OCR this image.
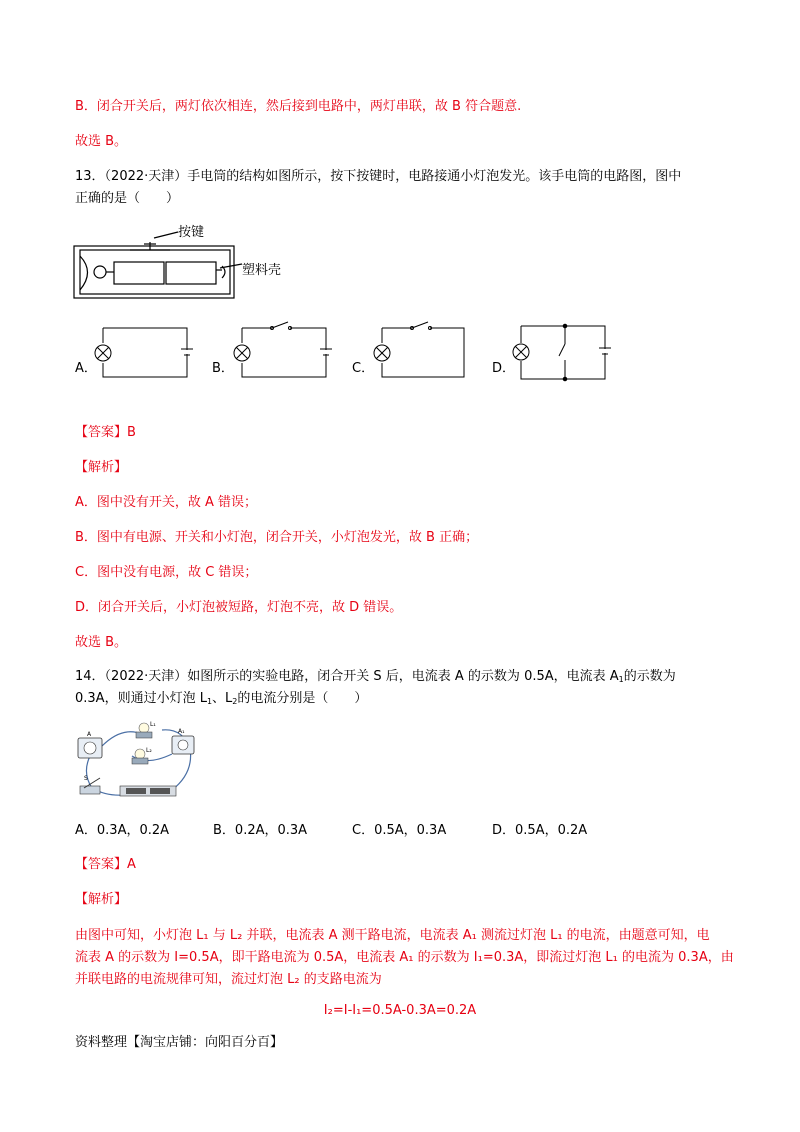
B．闭合开关后，两灯依次相连，然后接到电路中，两灯串联，故 B 符合题意.
故选 B。
13．（2022·天津）手电筒的结构如图所示，按下按键时，电路接通小灯泡发光。该手电筒的电路图，图中
正确的是（　　）
按键
塑料壳
A．	B．	C．	D．
【答案】B
【解析】
A．图中没有开关，故 A 错误；
B．图中有电源、开关和小灯泡，闭合开关，小灯泡发光，故 B 正确；
C．图中没有电源，故 C 错误；
D．闭合开关后，小灯泡被短路，灯泡不亮，故 D 错误。
故选 B。
14．（2022·天津）如图所示的实验电路，闭合开关 S 后，电流表 A 的示数为 0.5A，电流表 $A_1$的示数为
0.3A，则通过小灯泡 $L_1$、$L_2$的电流分别是（　　）
A	A₁
L₁
L₂
S
A．0.3A，0.2A	B．0.2A，0.3A	C．0.5A，0.3A	D．0.5A，0.2A
【答案】A
【解析】
由图中可知，小灯泡 L₁ 与 L₂ 并联，电流表 A 测干路电流，电流表 A₁ 测流过灯泡 L₁ 的电流，由题意可知，电
流表 A 的示数为 I=0.5A，即干路电流为 0.5A，电流表 A₁ 的示数为 I₁=0.3A，即流过灯泡 L₁ 的电流为 0.3A，由
并联电路的电流规律可知，流过灯泡 L₂ 的支路电流为
I₂=I-I₁=0.5A-0.3A=0.2A
资料整理【淘宝店铺：向阳百分百】
